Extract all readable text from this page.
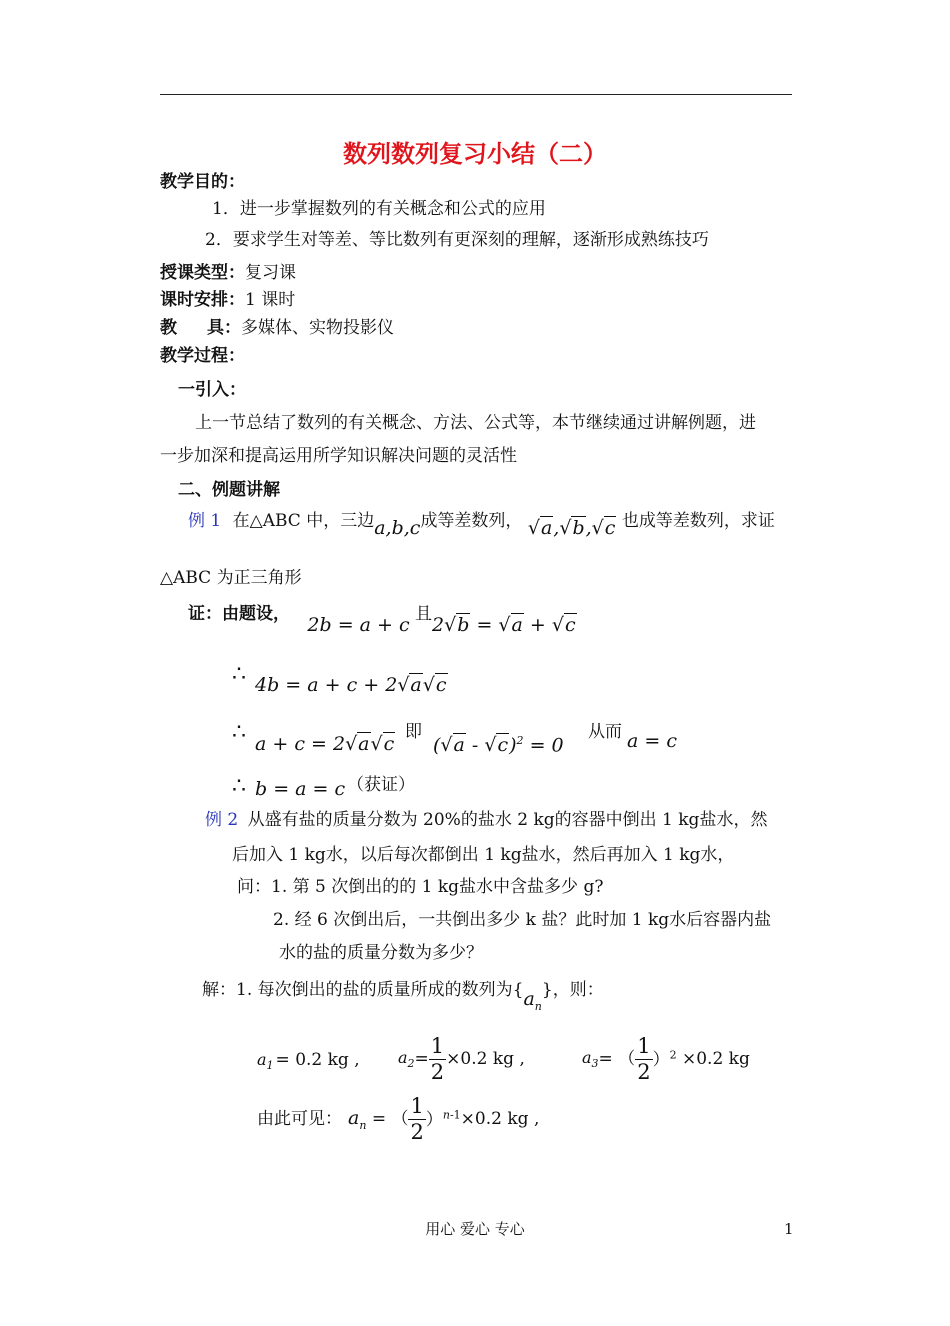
数列数列复习小结（二）
教学目的：
1．进一步掌握数列的有关概念和公式的应用
2．要求学生对等差、等比数列有更深刻的理解，逐渐形成熟练技巧
授课类型：复习课
课时安排：1 课时
教 具：多媒体、实物投影仪
教学过程：
一引入：
上一节总结了数列的有关概念、方法、公式等，本节继续通过讲解例题，进
一步加深和提高运用所学知识解决问题的灵活性
二、例题讲解
例 1 在△ABC 中，三边a,b,c成等差数列， √a,√b,√c 也成等差数列，求证
△ABC 为正三角形
证：由题设， 2b = a + c 且2√b = √a + √c
∴ 4b = a + c + 2√a√c
∴ a + c = 2√a√c
即
(√a - √c)$^2$ = 0
从而 a = c
∴ b = a = c （获证）
例 2 从盛有盐的质量分数为 20%的盐水 2 kg的容器中倒出 1 kg盐水，然
后加入 1 kg水，以后每次都倒出 1 kg盐水，然后再加入 1 kg水，
问：1. 第 5 次倒出的的 1 kg盐水中含盐多少 g?
2. 经 6 次倒出后，一共倒出多少 k 盐？此时加 1 kg水后容器内盐
水的盐的质量分数为多少？
解：1. 每次倒出的盐的质量所成的数列为$\{a_n\}$，则：
$a_1 = 0.2$ kg , $a_2= \frac{1}{2} \times 0.2$ kg ,	$a_3=$ （ $\frac{1}{2} )^2 \times 0.2$ kg
由此可见： $a_n$ = （ $\frac{1}{2} )^{n-1}\times 0.2$ kg ,
用心 爱心 专心	1
